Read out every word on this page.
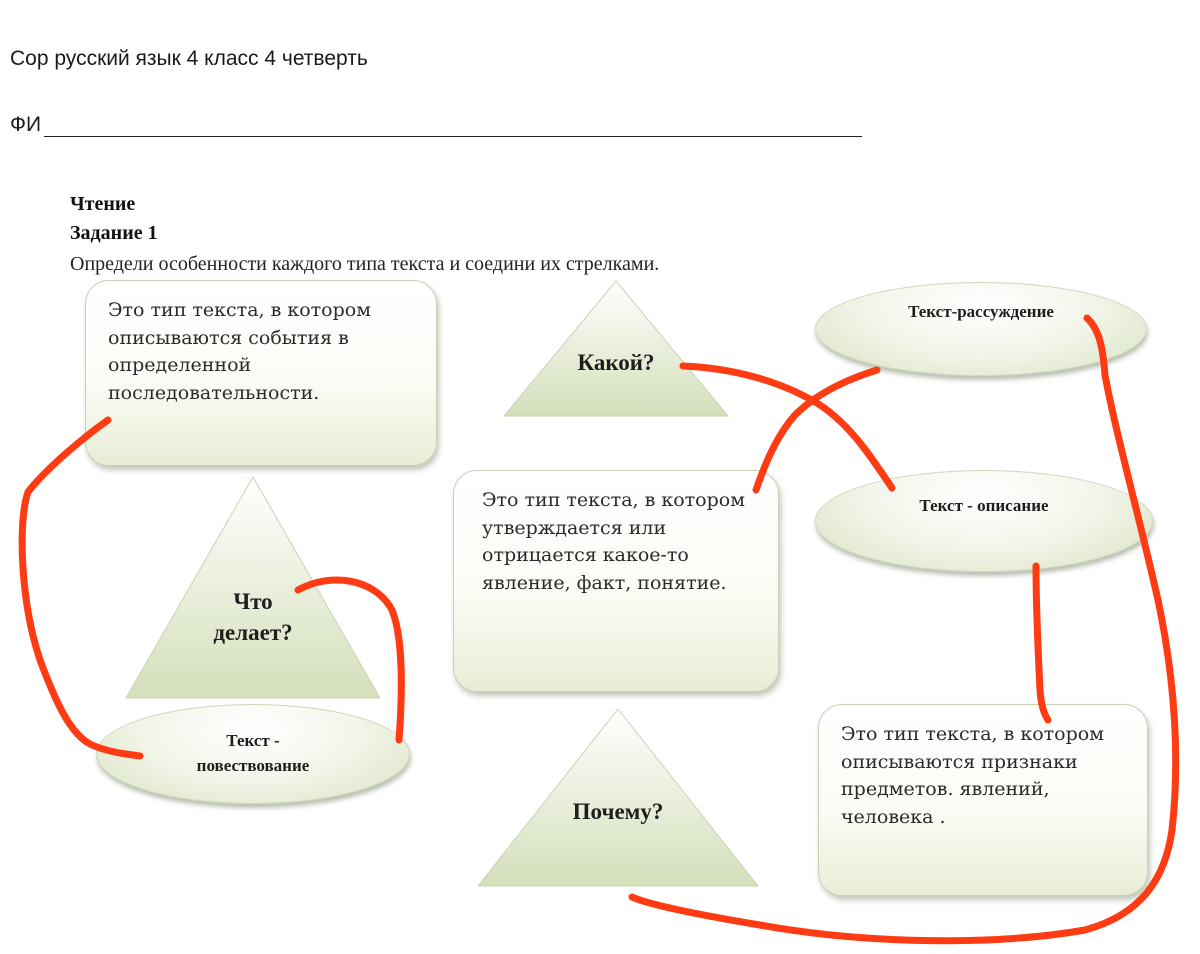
Сор русский язык 4 класс 4 четверть
ФИ
Чтение
Задание 1
Определи особенности каждого типа текста и соедини их стрелками.
Какой?
Что
делает?
Почему?
Это тип текста, в котором описываются события в определенной последовательности.
Это тип текста, в котором утверждается или отрицается какое-то явление, факт, понятие.
Это тип текста, в котором описываются признаки предметов. явлений, человека .
Текст-рассуждение
Текст - описание
Текст -
повествование
